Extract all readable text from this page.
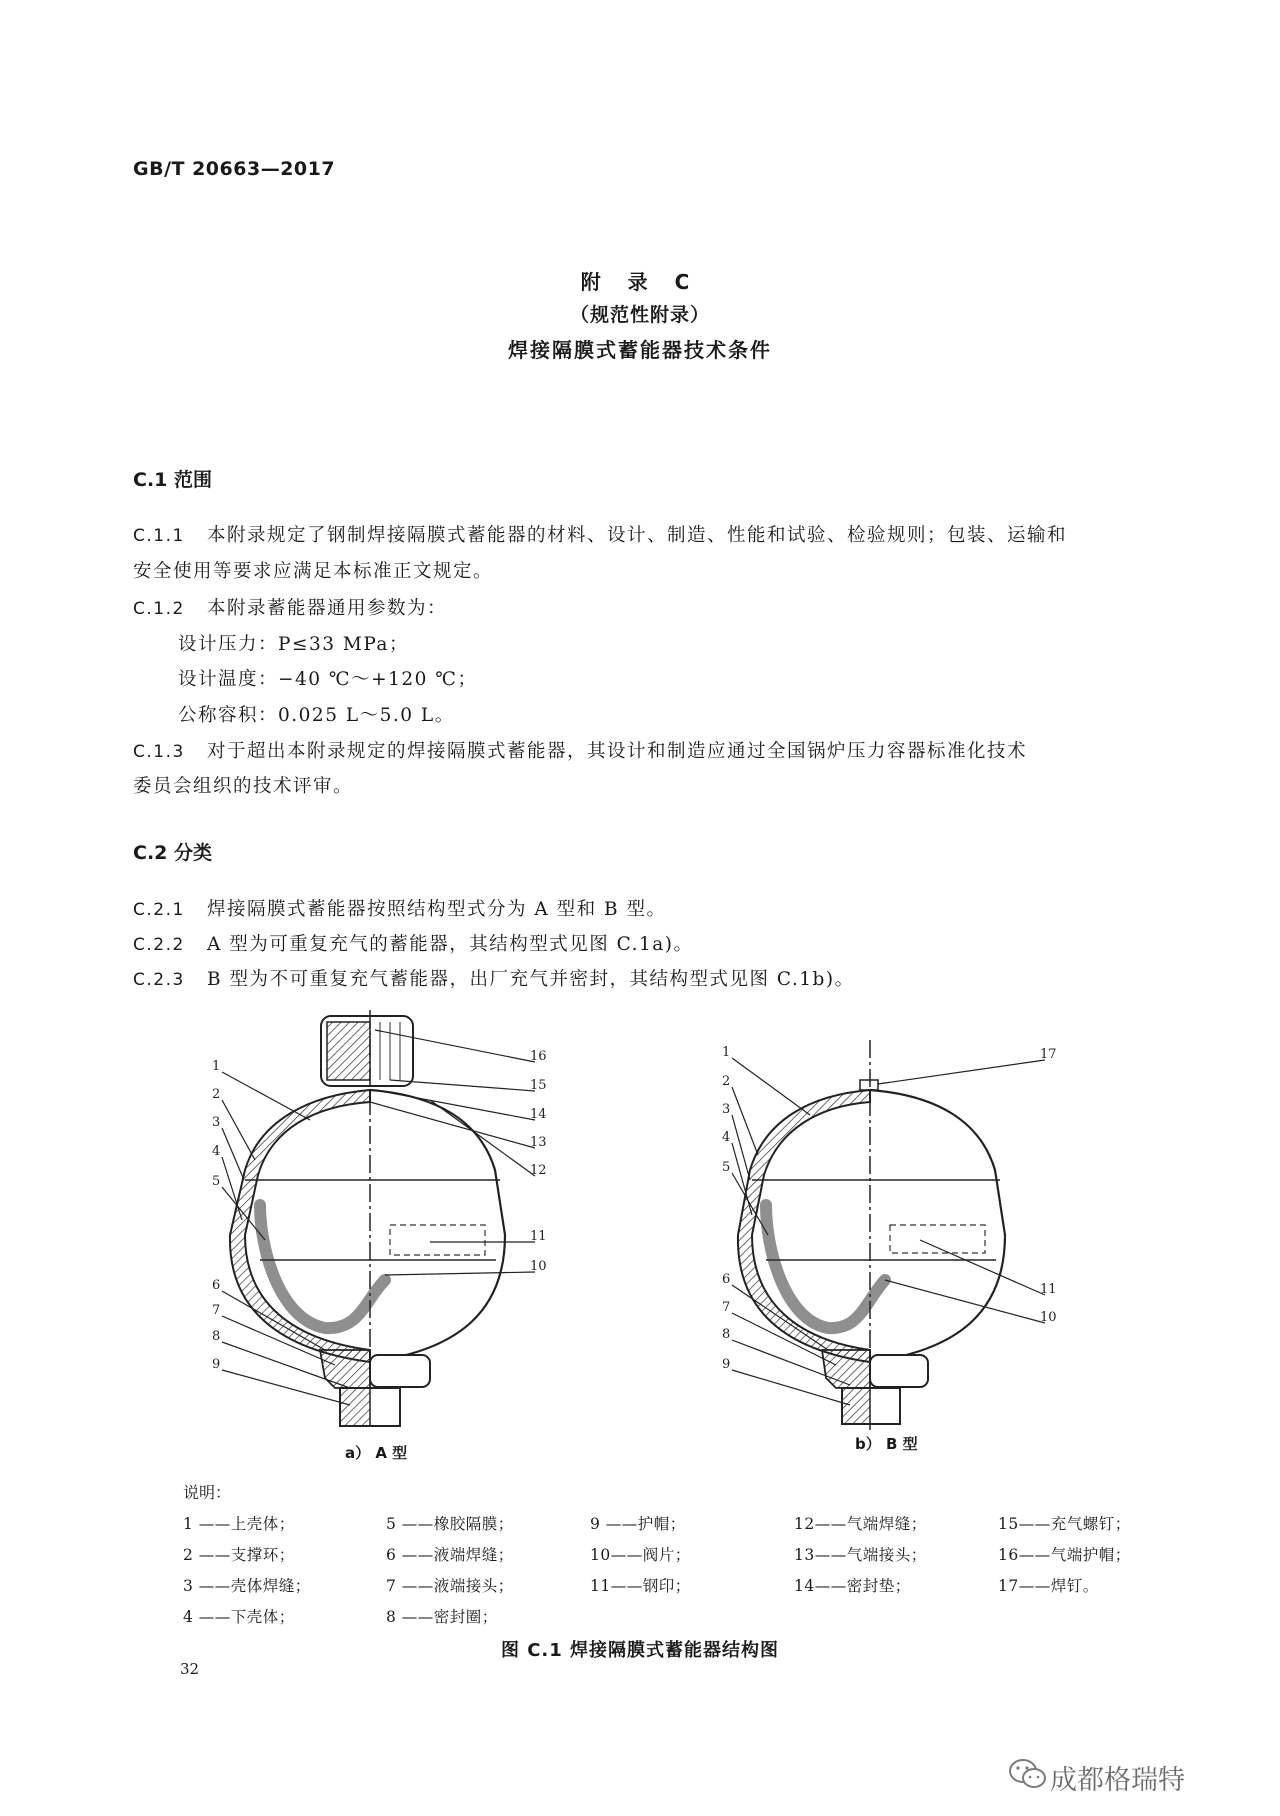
GB/T 20663—2017
附 录 C
（规范性附录）
焊接隔膜式蓄能器技术条件
C.1 范围
C.1.1 本附录规定了钢制焊接隔膜式蓄能器的材料、设计、制造、性能和试验、检验规则；包装、运输和
安全使用等要求应满足本标准正文规定。
C.1.2 本附录蓄能器通用参数为：
设计压力：P≤33 MPa；
设计温度：−40 ℃～+120 ℃；
公称容积：0.025 L～5.0 L。
C.1.3 对于超出本附录规定的焊接隔膜式蓄能器，其设计和制造应通过全国锅炉压力容器标准化技术
委员会组织的技术评审。
C.2 分类
C.2.1 焊接隔膜式蓄能器按照结构型式分为 A 型和 B 型。
C.2.2 A 型为可重复充气的蓄能器，其结构型式见图 C.1a)。
C.2.3 B 型为不可重复充气蓄能器，出厂充气并密封，其结构型式见图 C.1b)。
1
2
3
4
5
6
7
8
9
16
15
14
13
12
11
10
1
2
3
4
5
6
7
8
9
17
11
10
a） A 型	b） B 型
说明：
1 ——上壳体；
2 ——支撑环；
3 ——壳体焊缝；
4 ——下壳体；
5 ——橡胶隔膜；
6 ——液端焊缝；
7 ——液端接头；
8 ——密封圈；
9 ——护帽；
10——阀片；
11——钢印；
12——气端焊缝；
13——气端接头；
14——密封垫；
15——充气螺钉；
16——气端护帽；
17——焊钉。
图 C.1 焊接隔膜式蓄能器结构图
32
成都格瑞特
